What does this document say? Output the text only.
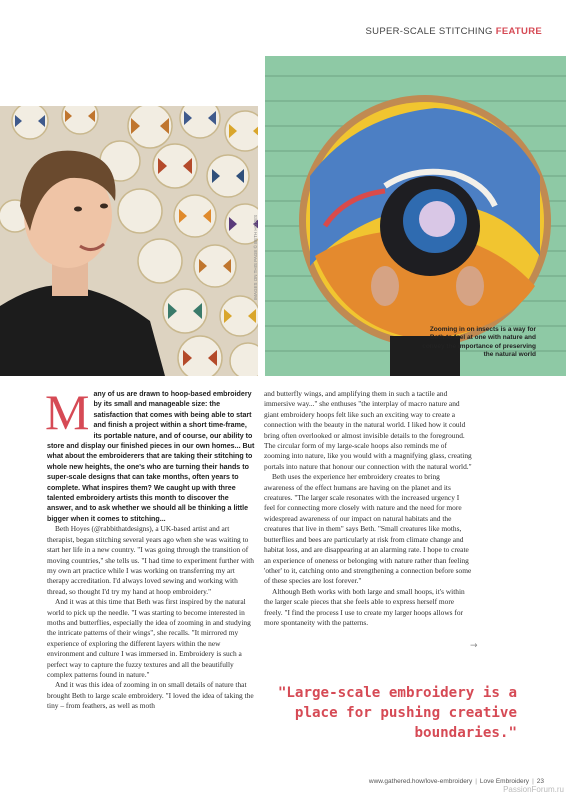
SUPER-SCALE STITCHING FEATURE
IMAGES ON THIS PAGE © BETH HOYES
Zooming in on insects is a way for Beth to feel at one with nature and convey the importance of preserving the natural world
M any of us are drawn to hoop-based embroidery by its small and manageable size: the satisfaction that comes with being able to start and finish a project within a short time-frame, its portable nature, and of course, our ability to store and display our finished pieces in our own homes... But what about the embroiderers that are taking their stitching to whole new heights, the one's who are turning their hands to super-scale designs that can take months, often years to complete. What inspires them? We caught up with three talented embroidery artists this month to discover the answer, and to ask whether we should all be thinking a little bigger when it comes to stitching...

Beth Hoyes (@rabbithatdesigns), a UK-based artist and art therapist, began stitching several years ago when she was waiting to start her life in a new country. "I was going through the transition of moving countries," she tells us. "I had time to experiment further with my own art practice while I was working on transferring my art therapy accreditation. I'd always loved sewing and working with thread, so thought I'd try my hand at hoop embroidery."

And it was at this time that Beth was first inspired by the natural world to pick up the needle. "I was starting to become interested in moths and butterflies, especially the idea of zooming in and studying the intricate patterns of their wings", she recalls. "It mirrored my experience of exploring the different layers within the new environment and culture I was immersed in. Embroidery is such a perfect way to capture the fuzzy textures and all the beautifully complex patterns found in nature."

And it was this idea of zooming in on small details of nature that brought Beth to large scale embroidery. "I loved the idea of taking the tiny – from feathers, as well as moth

and butterfly wings, and amplifying them in such a tactile and immersive way..." she enthuses "the interplay of macro nature and giant embroidery hoops felt like such an exciting way to create a connection with the beauty in the natural world. I liked how it could bring often overlooked or almost invisible details to the foreground. The circular form of my large-scale hoops also reminds me of zooming into nature, like you would with a magnifying glass, creating portals into nature that honour our connection with the natural world."

Beth uses the experience her embroidery creates to bring awareness of the effect humans are having on the planet and its creatures. "The larger scale resonates with the increased urgency I feel for connecting more closely with nature and the need for more widespread awareness of our impact on natural habitats and the creatures that live in them" says Beth. "Small creatures like moths, butterflies and bees are particularly at risk from climate change and habitat loss, and are disappearing at an alarming rate. I hope to create an experience of oneness or belonging with nature rather than feeling 'other' to it, catching onto and strengthening a connection before some of these species are lost forever."

Although Beth works with both large and small hoops, it's within the larger scale pieces that she feels able to express herself more freely. "I find the process I use to create my larger hoops allows for more spontaneity with the patterns.

→
"Large-scale embroidery is a place for pushing creative boundaries."
www.gathered.how/love-embroidery | Love Embroidery | 23
PassionForum.ru
